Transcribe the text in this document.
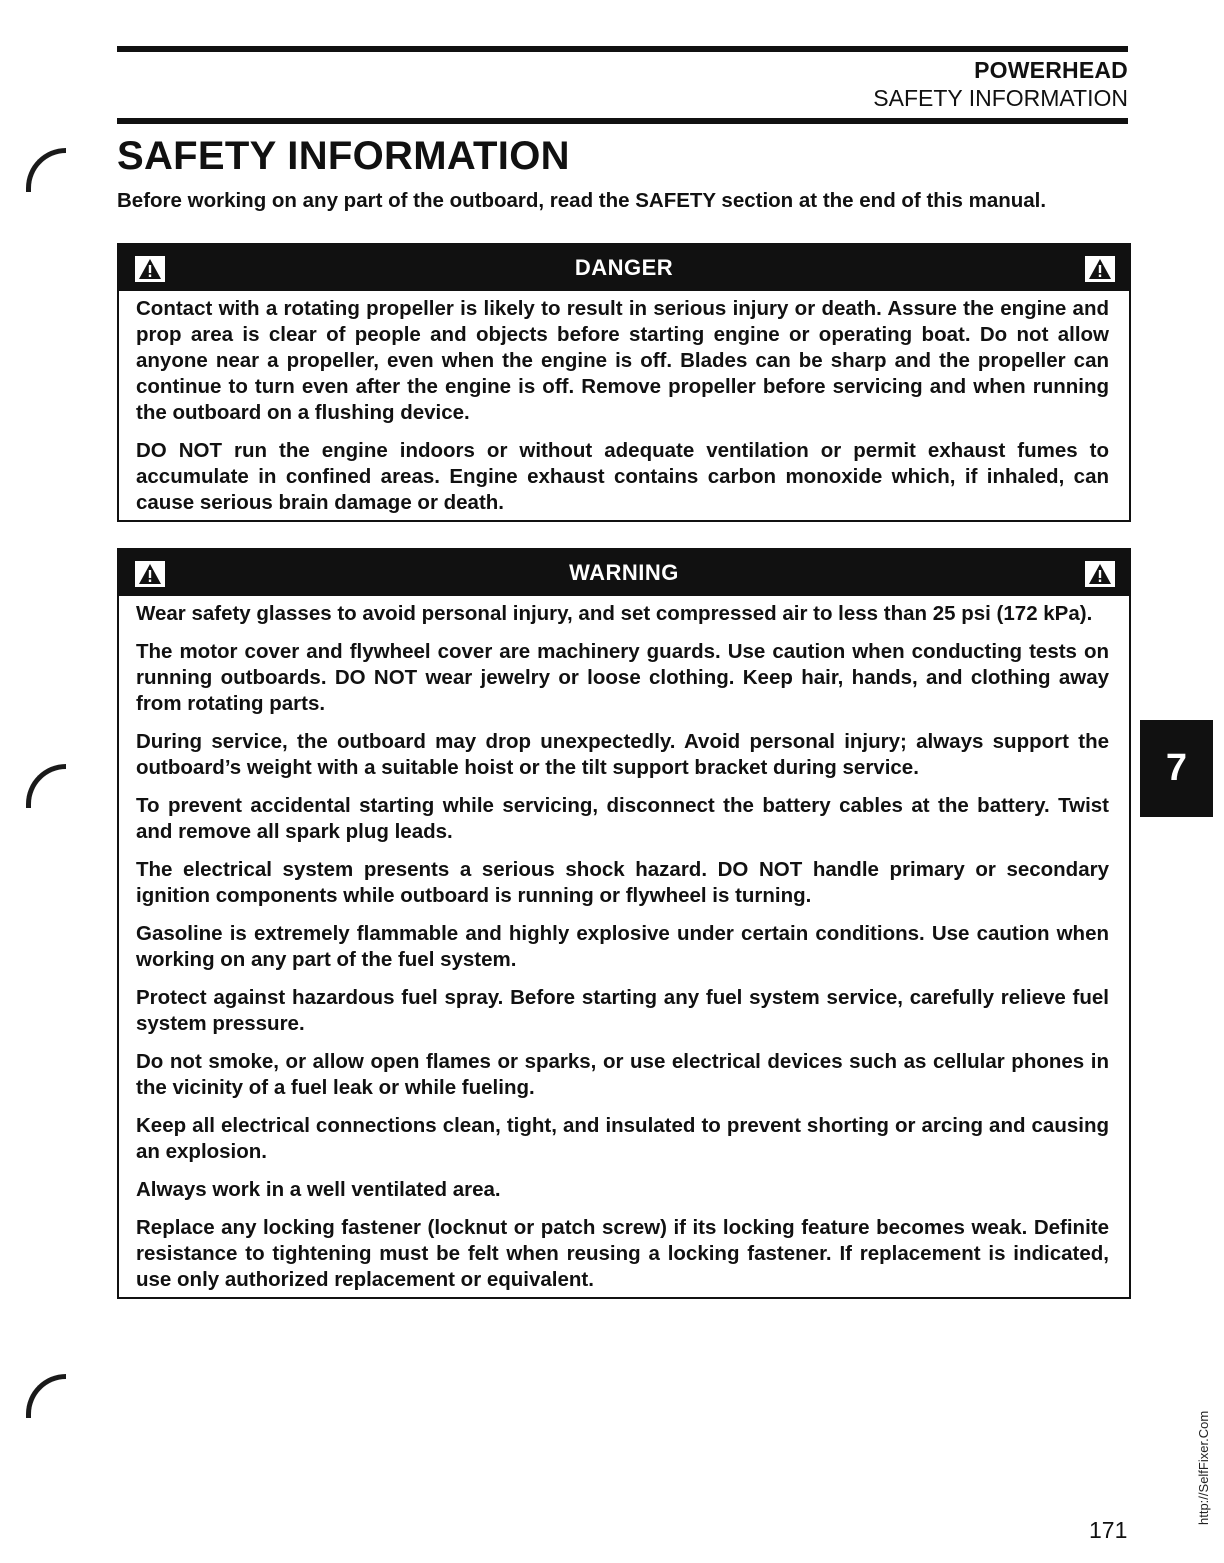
POWERHEAD
SAFETY INFORMATION
SAFETY INFORMATION

Before working on any part of the outboard, read the SAFETY section at the end of this manual.

DANGER

Contact with a rotating propeller is likely to result in serious injury or death. Assure the engine and prop area is clear of people and objects before starting engine or operating boat. Do not allow anyone near a propeller, even when the engine is off. Blades can be sharp and the propeller can continue to turn even after the engine is off. Remove propeller before servicing and when running the outboard on a flushing device.

DO NOT run the engine indoors or without adequate ventilation or permit exhaust fumes to accumulate in confined areas. Engine exhaust contains carbon monoxide which, if inhaled, can cause serious brain damage or death.

WARNING

Wear safety glasses to avoid personal injury, and set compressed air to less than 25 psi (172 kPa).

The motor cover and flywheel cover are machinery guards. Use caution when conducting tests on running outboards. DO NOT wear jewelry or loose clothing. Keep hair, hands, and clothing away from rotating parts.

During service, the outboard may drop unexpectedly. Avoid personal injury; always support the outboard’s weight with a suitable hoist or the tilt support bracket during service.

To prevent accidental starting while servicing, disconnect the battery cables at the battery. Twist and remove all spark plug leads.

The electrical system presents a serious shock hazard. DO NOT handle primary or secondary ignition components while outboard is running or flywheel is turning.

Gasoline is extremely flammable and highly explosive under certain conditions. Use caution when working on any part of the fuel system.

Protect against hazardous fuel spray. Before starting any fuel system service, carefully relieve fuel system pressure.

Do not smoke, or allow open flames or sparks, or use electrical devices such as cellular phones in the vicinity of a fuel leak or while fueling.

Keep all electrical connections clean, tight, and insulated to prevent shorting or arcing and causing an explosion.

Always work in a well ventilated area.

Replace any locking fastener (locknut or patch screw) if its locking feature becomes weak. Definite resistance to tightening must be felt when reusing a locking fastener. If replacement is indicated, use only authorized replacement or equivalent.

7
171
http://SelfFixer.Com
